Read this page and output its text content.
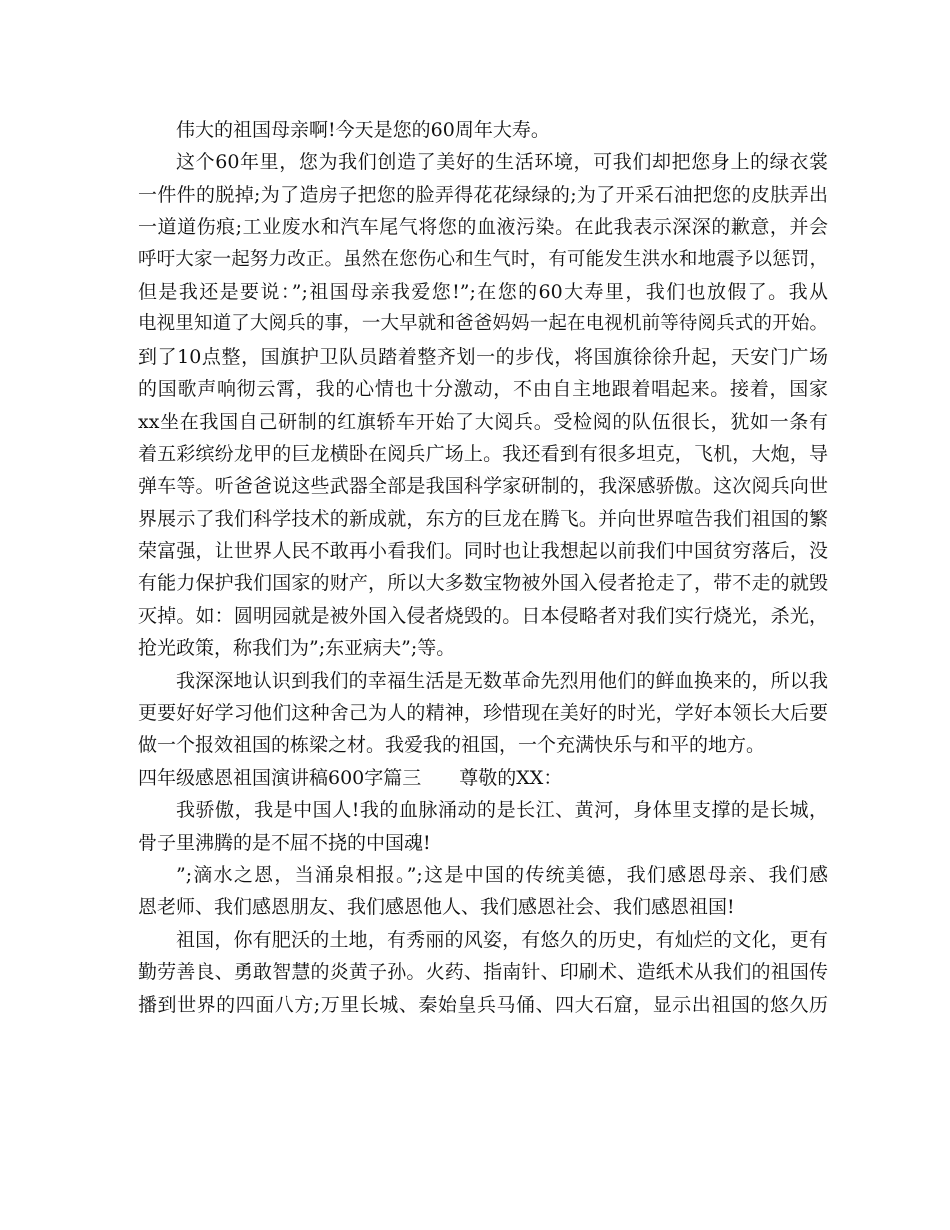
伟大的祖国母亲啊!今天是您的60周年大寿。
这个60年里，您为我们创造了美好的生活环境，可我们却把您身上的绿衣裳
一件件的脱掉;为了造房子把您的脸弄得花花绿绿的;为了开采石油把您的皮肤弄出
一道道伤痕;工业废水和汽车尾气将您的血液污染。在此我表示深深的歉意，并会
呼吁大家一起努力改正。虽然在您伤心和生气时，有可能发生洪水和地震予以惩罚，
但是我还是要说：”;祖国母亲我爱您!”;在您的60大寿里，我们也放假了。我从
电视里知道了大阅兵的事，一大早就和爸爸妈妈一起在电视机前等待阅兵式的开始。
到了10点整，国旗护卫队员踏着整齐划一的步伐，将国旗徐徐升起，天安门广场
的国歌声响彻云霄，我的心情也十分激动，不由自主地跟着唱起来。接着，国家
xx坐在我国自己研制的红旗轿车开始了大阅兵。受检阅的队伍很长，犹如一条有
着五彩缤纷龙甲的巨龙横卧在阅兵广场上。我还看到有很多坦克，飞机，大炮，导
弹车等。听爸爸说这些武器全部是我国科学家研制的，我深感骄傲。这次阅兵向世
界展示了我们科学技术的新成就，东方的巨龙在腾飞。并向世界喧告我们祖国的繁
荣富强，让世界人民不敢再小看我们。同时也让我想起以前我们中国贫穷落后，没
有能力保护我们国家的财产，所以大多数宝物被外国入侵者抢走了，带不走的就毁
灭掉。如：圆明园就是被外国入侵者烧毁的。日本侵略者对我们实行烧光，杀光，
抢光政策，称我们为”;东亚病夫”;等。
我深深地认识到我们的幸福生活是无数革命先烈用他们的鲜血换来的，所以我
更要好好学习他们这种舍己为人的精神，珍惜现在美好的时光，学好本领长大后要
做一个报效祖国的栋梁之材。我爱我的祖国，一个充满快乐与和平的地方。
四年级感恩祖国演讲稿600字篇三　　尊敬的XX：
我骄傲，我是中国人!我的血脉涌动的是长江、黄河，身体里支撑的是长城，
骨子里沸腾的是不屈不挠的中国魂!
”;滴水之恩，当涌泉相报。”;这是中国的传统美德，我们感恩母亲、我们感
恩老师、我们感恩朋友、我们感恩他人、我们感恩社会、我们感恩祖国!
祖国，你有肥沃的土地，有秀丽的风姿，有悠久的历史，有灿烂的文化，更有
勤劳善良、勇敢智慧的炎黄子孙。火药、指南针、印刷术、造纸术从我们的祖国传
播到世界的四面八方;万里长城、秦始皇兵马俑、四大石窟，显示出祖国的悠久历
